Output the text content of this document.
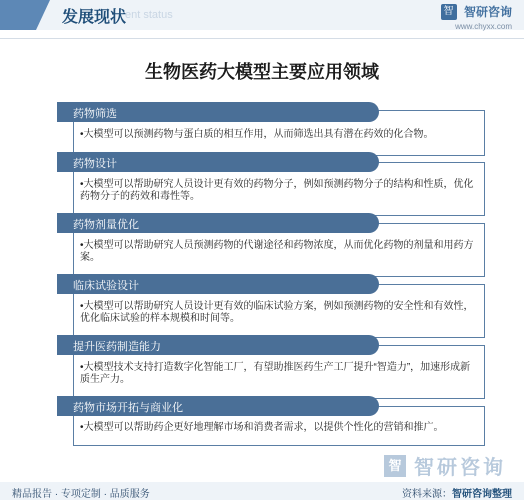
发展现状
ent status	智 智研咨询
www.chyxx.com
生物医药大模型主要应用领域
•大模型可以预测药物与蛋白质的相互作用，从而筛选出具有潜在药效的化合物。
药物筛选
•大模型可以帮助研究人员设计更有效的药物分子，例如预测药物分子的结构和性质，优化药物分子的药效和毒性等。
药物设计
•大模型可以帮助研究人员预测药物的代谢途径和药物浓度，从而优化药物的剂量和用药方案。
药物剂量优化
•大模型可以帮助研究人员设计更有效的临床试验方案，例如预测药物的安全性和有效性，优化临床试验的样本规模和时间等。
临床试验设计
•大模型技术支持打造数字化智能工厂，有望助推医药生产工厂提升“智造力”，加速形成新质生产力。
提升医药制造能力
•大模型可以帮助药企更好地理解市场和消费者需求，以提供个性化的营销和推广。
药物市场开拓与商业化
智 智研咨询
精品报告 · 专项定制 · 品质服务	资料来源：智研咨询整理
